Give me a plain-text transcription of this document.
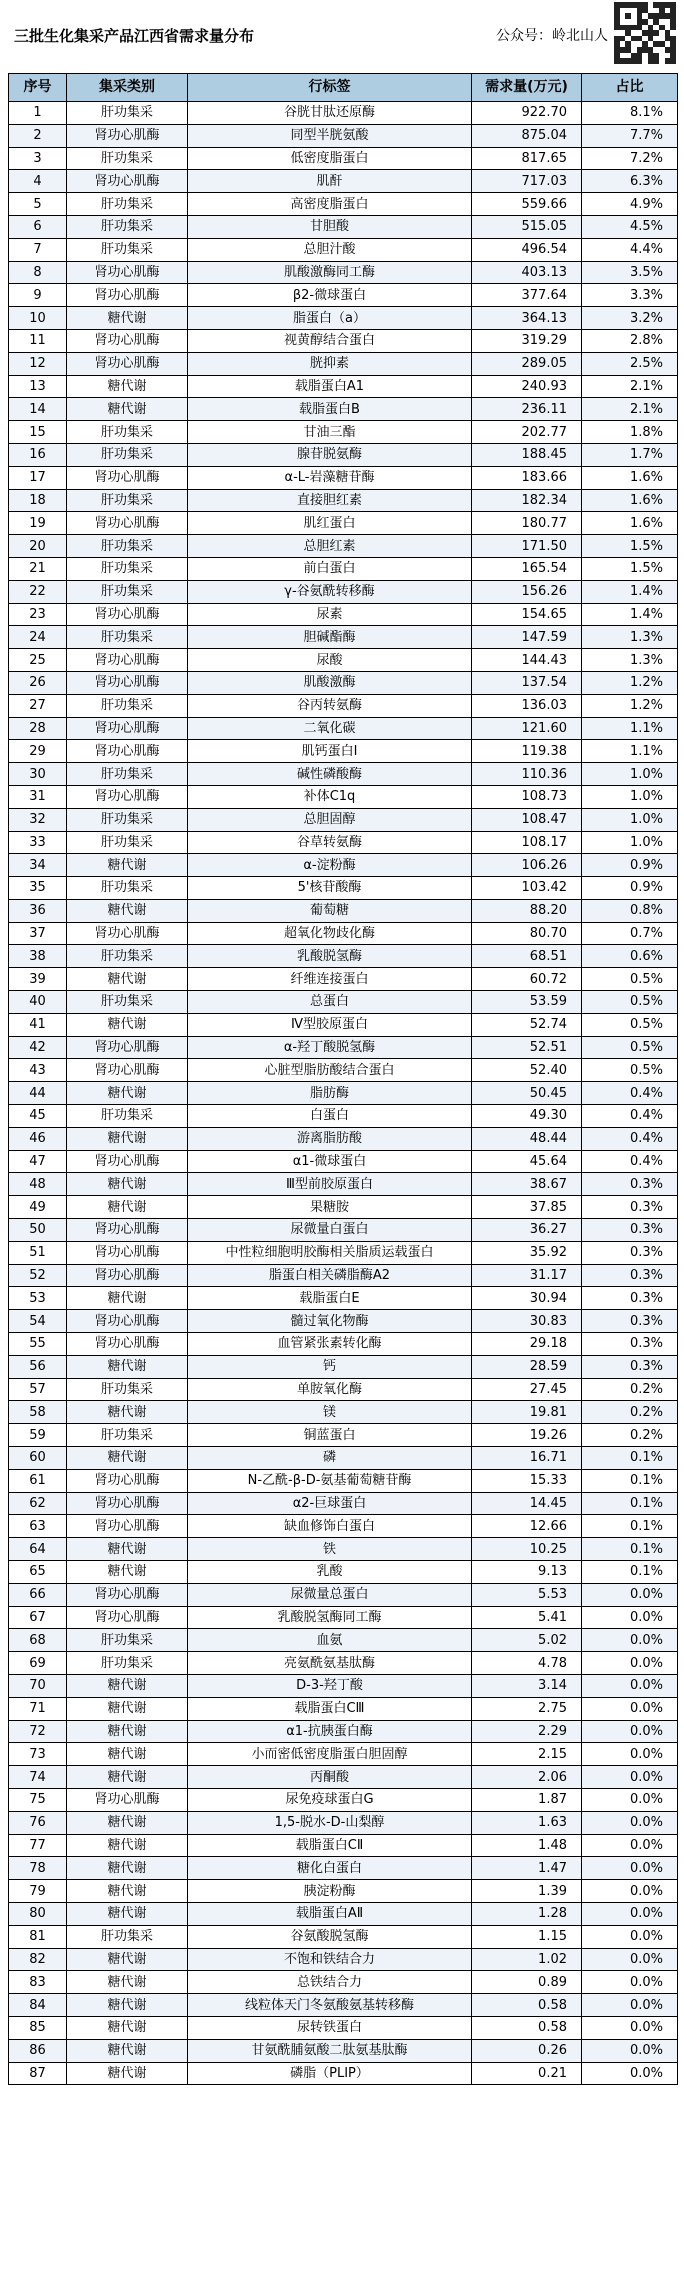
三批生化集采产品江西省需求量分布	公众号：岭北山人
序号	集采类别	行标签	需求量(万元)	占比
1	肝功集采	谷胱甘肽还原酶	922.70	8.1%
2	肾功心肌酶	同型半胱氨酸	875.04	7.7%
3	肝功集采	低密度脂蛋白	817.65	7.2%
4	肾功心肌酶	肌酐	717.03	6.3%
5	肝功集采	高密度脂蛋白	559.66	4.9%
6	肝功集采	甘胆酸	515.05	4.5%
7	肝功集采	总胆汁酸	496.54	4.4%
8	肾功心肌酶	肌酸激酶同工酶	403.13	3.5%
9	肾功心肌酶	β2-微球蛋白	377.64	3.3%
10	糖代谢	脂蛋白（a）	364.13	3.2%
11	肾功心肌酶	视黄醇结合蛋白	319.29	2.8%
12	肾功心肌酶	胱抑素	289.05	2.5%
13	糖代谢	载脂蛋白A1	240.93	2.1%
14	糖代谢	载脂蛋白B	236.11	2.1%
15	肝功集采	甘油三酯	202.77	1.8%
16	肝功集采	腺苷脱氨酶	188.45	1.7%
17	肾功心肌酶	α-L-岩藻糖苷酶	183.66	1.6%
18	肝功集采	直接胆红素	182.34	1.6%
19	肾功心肌酶	肌红蛋白	180.77	1.6%
20	肝功集采	总胆红素	171.50	1.5%
21	肝功集采	前白蛋白	165.54	1.5%
22	肝功集采	γ-谷氨酰转移酶	156.26	1.4%
23	肾功心肌酶	尿素	154.65	1.4%
24	肝功集采	胆碱酯酶	147.59	1.3%
25	肾功心肌酶	尿酸	144.43	1.3%
26	肾功心肌酶	肌酸激酶	137.54	1.2%
27	肝功集采	谷丙转氨酶	136.03	1.2%
28	肾功心肌酶	二氧化碳	121.60	1.1%
29	肾功心肌酶	肌钙蛋白I	119.38	1.1%
30	肝功集采	碱性磷酸酶	110.36	1.0%
31	肾功心肌酶	补体C1q	108.73	1.0%
32	肝功集采	总胆固醇	108.47	1.0%
33	肝功集采	谷草转氨酶	108.17	1.0%
34	糖代谢	α-淀粉酶	106.26	0.9%
35	肝功集采	5'核苷酸酶	103.42	0.9%
36	糖代谢	葡萄糖	88.20	0.8%
37	肾功心肌酶	超氧化物歧化酶	80.70	0.7%
38	肝功集采	乳酸脱氢酶	68.51	0.6%
39	糖代谢	纤维连接蛋白	60.72	0.5%
40	肝功集采	总蛋白	53.59	0.5%
41	糖代谢	Ⅳ型胶原蛋白	52.74	0.5%
42	肾功心肌酶	α-羟丁酸脱氢酶	52.51	0.5%
43	肾功心肌酶	心脏型脂肪酸结合蛋白	52.40	0.5%
44	糖代谢	脂肪酶	50.45	0.4%
45	肝功集采	白蛋白	49.30	0.4%
46	糖代谢	游离脂肪酸	48.44	0.4%
47	肾功心肌酶	α1-微球蛋白	45.64	0.4%
48	糖代谢	Ⅲ型前胶原蛋白	38.67	0.3%
49	糖代谢	果糖胺	37.85	0.3%
50	肾功心肌酶	尿微量白蛋白	36.27	0.3%
51	肾功心肌酶	中性粒细胞明胶酶相关脂质运载蛋白	35.92	0.3%
52	肾功心肌酶	脂蛋白相关磷脂酶A2	31.17	0.3%
53	糖代谢	载脂蛋白E	30.94	0.3%
54	肾功心肌酶	髓过氧化物酶	30.83	0.3%
55	肾功心肌酶	血管紧张素转化酶	29.18	0.3%
56	糖代谢	钙	28.59	0.3%
57	肝功集采	单胺氧化酶	27.45	0.2%
58	糖代谢	镁	19.81	0.2%
59	肝功集采	铜蓝蛋白	19.26	0.2%
60	糖代谢	磷	16.71	0.1%
61	肾功心肌酶	N-乙酰-β-D-氨基葡萄糖苷酶	15.33	0.1%
62	肾功心肌酶	α2-巨球蛋白	14.45	0.1%
63	肾功心肌酶	缺血修饰白蛋白	12.66	0.1%
64	糖代谢	铁	10.25	0.1%
65	糖代谢	乳酸	9.13	0.1%
66	肾功心肌酶	尿微量总蛋白	5.53	0.0%
67	肾功心肌酶	乳酸脱氢酶同工酶	5.41	0.0%
68	肝功集采	血氨	5.02	0.0%
69	肝功集采	亮氨酰氨基肽酶	4.78	0.0%
70	糖代谢	D-3-羟丁酸	3.14	0.0%
71	糖代谢	载脂蛋白CⅢ	2.75	0.0%
72	糖代谢	α1-抗胰蛋白酶	2.29	0.0%
73	糖代谢	小而密低密度脂蛋白胆固醇	2.15	0.0%
74	糖代谢	丙酮酸	2.06	0.0%
75	肾功心肌酶	尿免疫球蛋白G	1.87	0.0%
76	糖代谢	1,5-脱水-D-山梨醇	1.63	0.0%
77	糖代谢	载脂蛋白CⅡ	1.48	0.0%
78	糖代谢	糖化白蛋白	1.47	0.0%
79	糖代谢	胰淀粉酶	1.39	0.0%
80	糖代谢	载脂蛋白AⅡ	1.28	0.0%
81	肝功集采	谷氨酸脱氢酶	1.15	0.0%
82	糖代谢	不饱和铁结合力	1.02	0.0%
83	糖代谢	总铁结合力	0.89	0.0%
84	糖代谢	线粒体天门冬氨酸氨基转移酶	0.58	0.0%
85	糖代谢	尿转铁蛋白	0.58	0.0%
86	糖代谢	甘氨酰脯氨酸二肽氨基肽酶	0.26	0.0%
87	糖代谢	磷脂（PLIP）	0.21	0.0%
